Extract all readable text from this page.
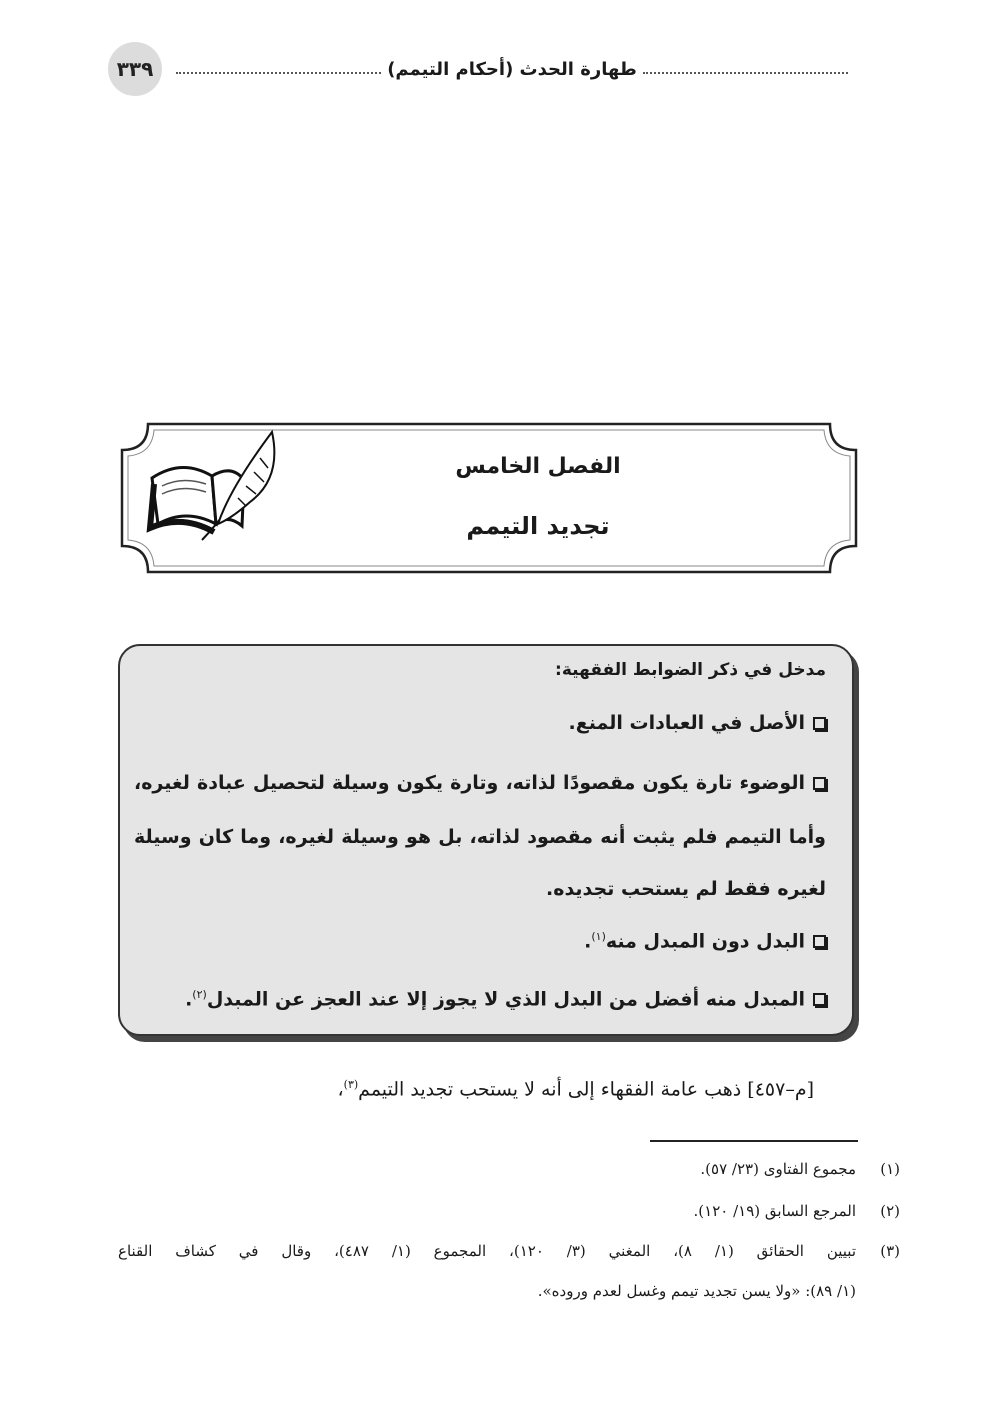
٣٣٩	طهارة الحدث (أحكام التيمم)
الفصل الخامس
تجديد التيمم
مدخل في ذكر الضوابط الفقهية:
الأصل في العبادات المنع.
الوضوء تارة يكون مقصودًا لذاته، وتارة يكون وسيلة لتحصيل عبادة لغيره،
وأما التيمم فلم يثبت أنه مقصود لذاته، بل هو وسيلة لغيره، وما كان وسيلة
لغيره فقط لم يستحب تجديده.
البدل دون المبدل منه$^{(١)}$.
المبدل منه أفضل من البدل الذي لا يجوز إلا عند العجز عن المبدل$^{(٢)}$.
[م–٤٥٧] ذهب عامة الفقهاء إلى أنه لا يستحب تجديد التيمم$^{(٣)}$،
(١)
مجموع الفتاوى (٢٣/ ٥٧).
(٢)
المرجع السابق (١٩/ ١٢٠).
(٣)
تبيين الحقائق (١/ ٨)، المغني (٣/ ١٢٠)، المجموع (١/ ٤٨٧)، وقال في كشاف القناع
(١/ ٨٩): «ولا يسن تجديد تيمم وغسل لعدم وروده».
